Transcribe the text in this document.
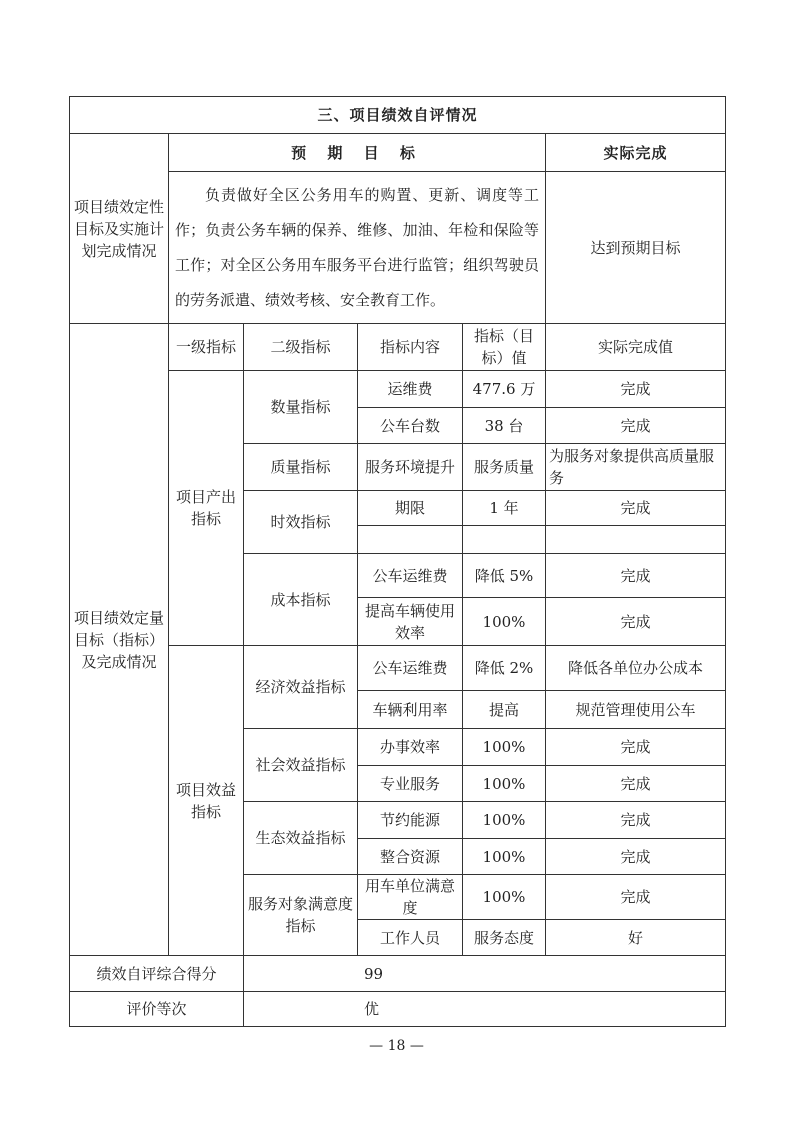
三、项目绩效自评情况					
项目绩效定性目标及实施计划完成情况	预 期 目 标				实际完成
	负责做好全区公务用车的购置、更新、调度等工作；负责公务车辆的保养、维修、加油、年检和保险等工作；对全区公务用车服务平台进行监管；组织驾驶员的劳务派遣、绩效考核、安全教育工作。				达到预期目标
项目绩效定量目标（指标）及完成情况	一级指标	二级指标	指标内容	指标（目标）值	实际完成值
	项目产出指标	数量指标	运维费	477.6 万	完成
			公车台数	38 台	完成
		质量指标	服务环境提升	服务质量	为服务对象提供高质量服务
		时效指标	期限	1 年	完成

		成本指标	公车运维费	降低 5%	完成
			提高车辆使用效率	100%	完成
	项目效益指标	经济效益指标	公车运维费	降低 2%	降低各单位办公成本
			车辆利用率	提高	规范管理使用公车
		社会效益指标	办事效率	100%	完成
			专业服务	100%	完成
		生态效益指标	节约能源	100%	完成
			整合资源	100%	完成
		服务对象满意度指标	用车单位满意度	100%	完成
			工作人员	服务态度	好
绩效自评综合得分		99			
评价等次		优			
— 18 —
